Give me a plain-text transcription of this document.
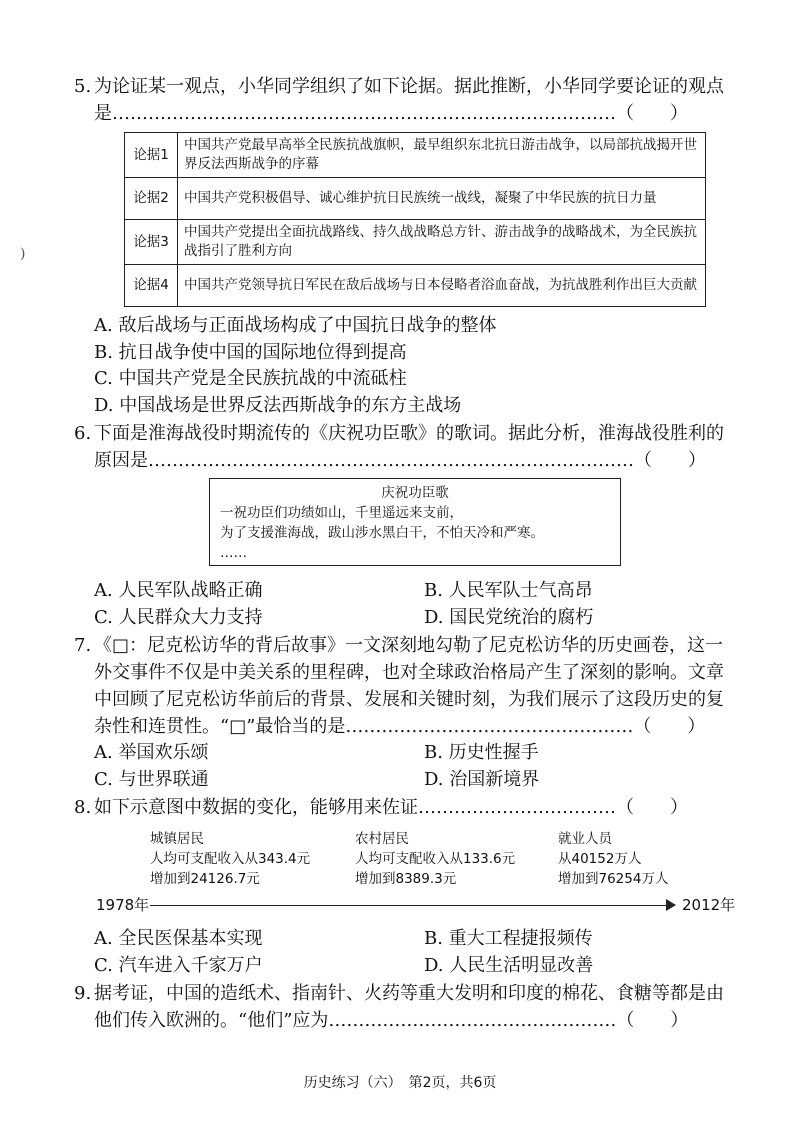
)
5. 为论证某一观点，小华同学组织了如下论据。据此推断，小华同学要论证的观点
是…………………………………………………………………………（　　）
论据1	中国共产党最早高举全民族抗战旗帜，最早组织东北抗日游击战争，以局部抗战揭开世界反法西斯战争的序幕
论据2	中国共产党积极倡导、诚心维护抗日民族统一战线，凝聚了中华民族的抗日力量
论据3	中国共产党提出全面抗战路线、持久战战略总方针、游击战争的战略战术，为全民族抗战指引了胜利方向
论据4	中国共产党领导抗日军民在敌后战场与日本侵略者浴血奋战，为抗战胜利作出巨大贡献
A. 敌后战场与正面战场构成了中国抗日战争的整体
B. 抗日战争使中国的国际地位得到提高
C. 中国共产党是全民族抗战的中流砥柱
D. 中国战场是世界反法西斯战争的东方主战场
6. 下面是淮海战役时期流传的《庆祝功臣歌》的歌词。据此分析，淮海战役胜利的
原因是………………………………………………………………………（　　）
庆祝功臣歌
一祝功臣们功绩如山，千里遥远来支前，
为了支援淮海战，跋山涉水黑白干，不怕天冷和严寒。
……
A. 人民军队战略正确	B. 人民军队士气高昂
C. 人民群众大力支持	D. 国民党统治的腐朽
7. 《□：尼克松访华的背后故事》一文深刻地勾勒了尼克松访华的历史画卷，这一
外交事件不仅是中美关系的里程碑，也对全球政治格局产生了深刻的影响。文章
中回顾了尼克松访华前后的背景、发展和关键时刻，为我们展示了这段历史的复
杂性和连贯性。“□”最恰当的是…………………………………………（　　）
A. 举国欢乐颂	B. 历史性握手
C. 与世界联通	D. 治国新境界
8. 如下示意图中数据的变化，能够用来佐证……………………………（　　）
城镇居民
人均可支配收入从343.4元
增加到24126.7元
农村居民
人均可支配收入从133.6元
增加到8389.3元
就业人员
从40152万人
增加到76254万人
1978年	2012年
A. 全民医保基本实现	B. 重大工程捷报频传
C. 汽车进入千家万户	D. 人民生活明显改善
9. 据考证，中国的造纸术、指南针、火药等重大发明和印度的棉花、食糖等都是由
他们传入欧洲的。“他们”应为…………………………………………（　　）
历史练习（六）　第2页，共6页
